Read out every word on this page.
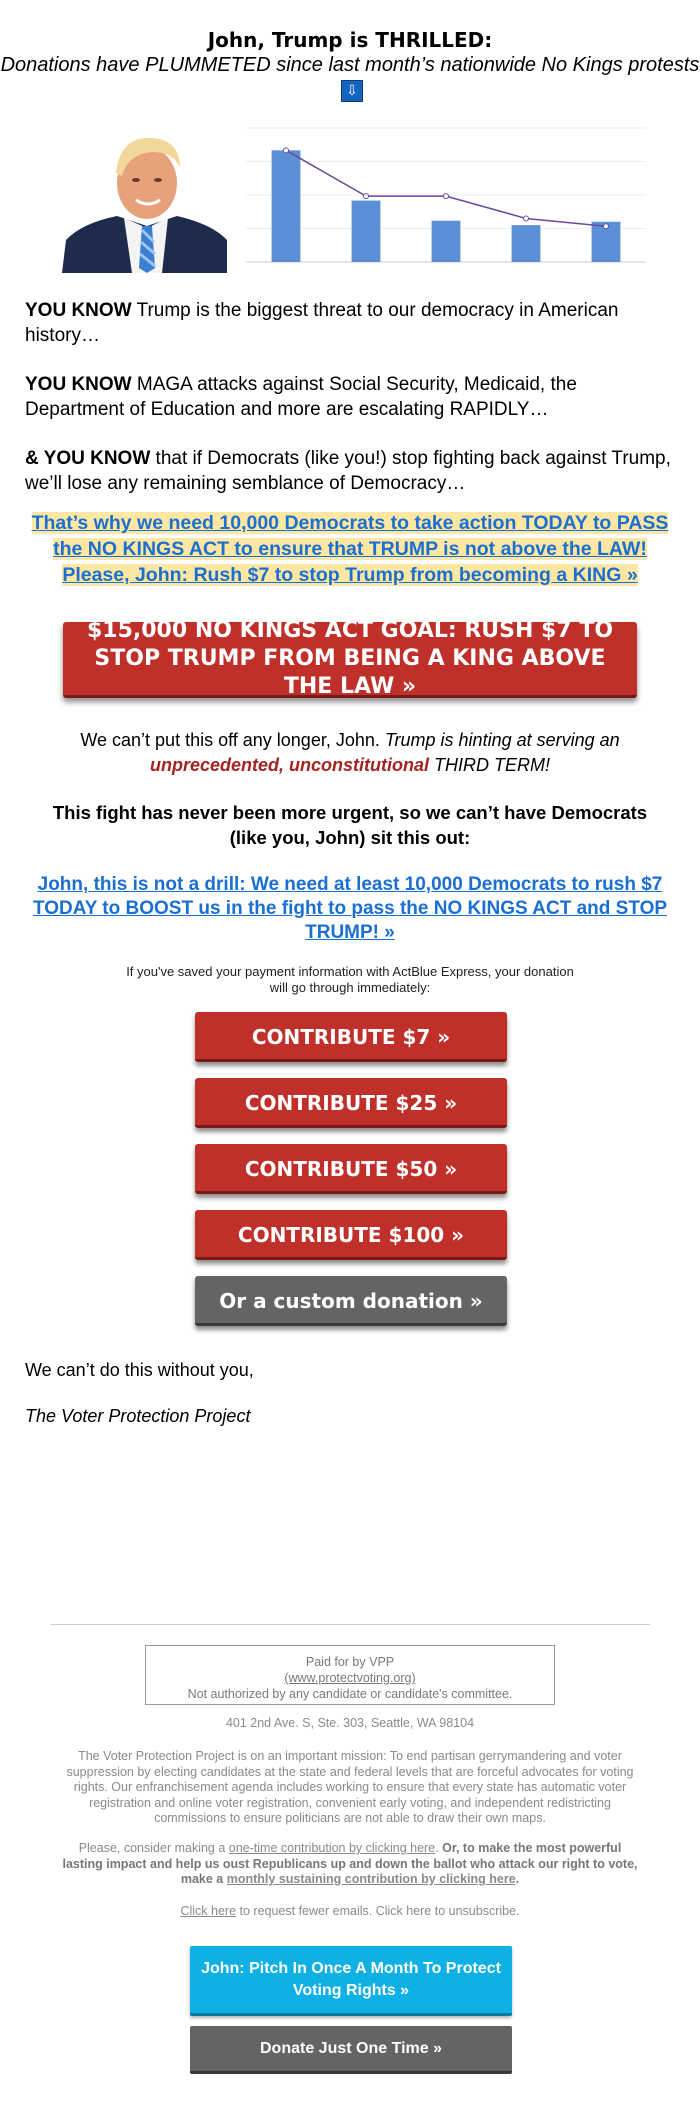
John, Trump is THRILLED:
Donations have PLUMMETED since last month’s nationwide No Kings protests
⇩
YOU KNOW Trump is the biggest threat to our democracy in American history…
YOU KNOW MAGA attacks against Social Security, Medicaid, the Department of Education and more are escalating RAPIDLY…
& YOU KNOW that if Democrats (like you!) stop fighting back against Trump, we’ll lose any remaining semblance of Democracy…
That’s why we need 10,000 Democrats to take action TODAY to PASS the NO KINGS ACT to ensure that TRUMP is not above the LAW! Please, John: Rush $7 to stop Trump from becoming a KING »
$15,000 NO KINGS ACT GOAL: RUSH $7 TO STOP TRUMP FROM BEING A KING ABOVE THE LAW »
We can’t put this off any longer, John. Trump is hinting at serving an unprecedented, unconstitutional THIRD TERM!
This fight has never been more urgent, so we can’t have Democrats (like you, John) sit this out:
John, this is not a drill: We need at least 10,000 Democrats to rush $7 TODAY to BOOST us in the fight to pass the NO KINGS ACT and STOP TRUMP! »
If you've saved your payment information with ActBlue Express, your donation will go through immediately:
CONTRIBUTE $7 »
CONTRIBUTE $25 »
CONTRIBUTE $50 »
CONTRIBUTE $100 »
Or a custom donation »
We can’t do this without you,
The Voter Protection Project
Paid for by VPP
(www.protectvoting.org)
Not authorized by any candidate or candidate's committee.
401 2nd Ave. S, Ste. 303, Seattle, WA 98104
The Voter Protection Project is on an important mission: To end partisan gerrymandering and voter suppression by electing candidates at the state and federal levels that are forceful advocates for voting rights. Our enfranchisement agenda includes working to ensure that every state has automatic voter registration and online voter registration, convenient early voting, and independent redistricting commissions to ensure politicians are not able to draw their own maps.
Please, consider making a one-time contribution by clicking here. Or, to make the most powerful lasting impact and help us oust Republicans up and down the ballot who attack our right to vote, make a monthly sustaining contribution by clicking here.
Click here to request fewer emails. Click here to unsubscribe.
John: Pitch In Once A Month To Protect Voting Rights »
Donate Just One Time »
